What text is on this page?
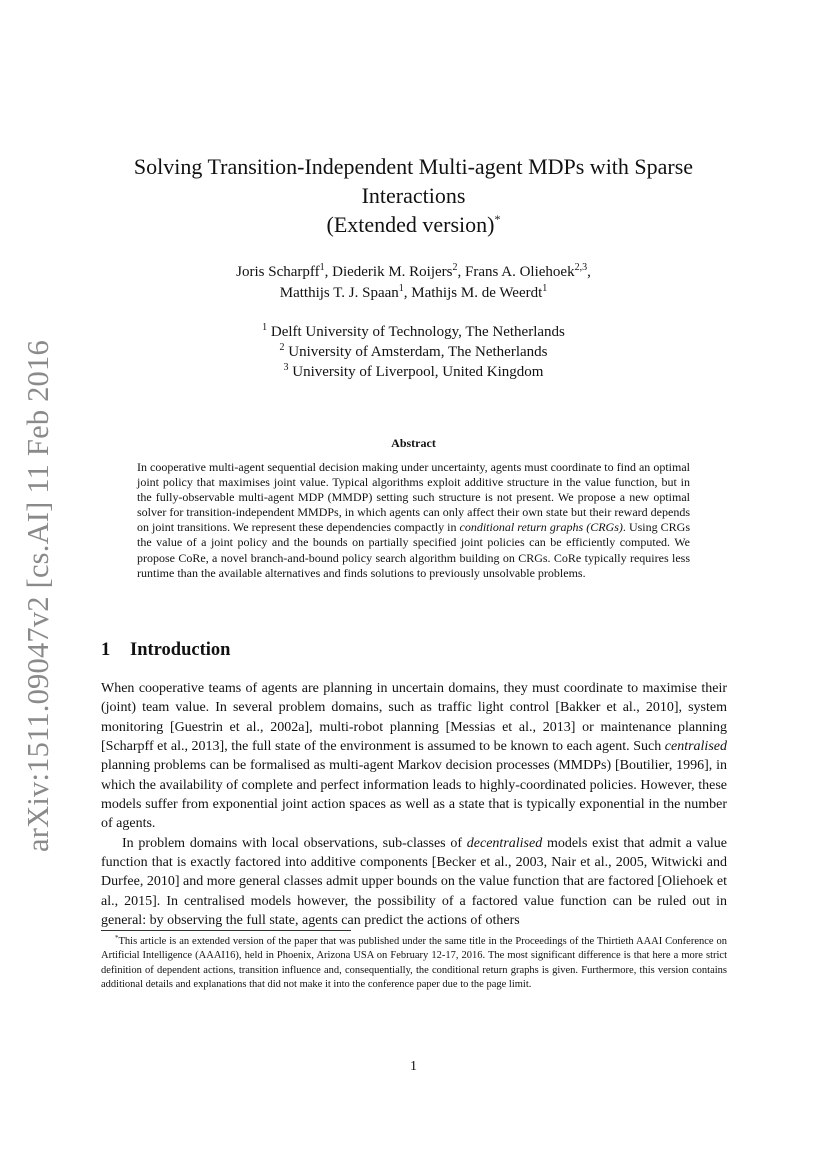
arXiv:1511.09047v2 [cs.AI] 11 Feb 2016
Solving Transition-Independent Multi-agent MDPs with Sparse
Interactions
(Extended version)*
Joris Scharpff$^1$, Diederik M. Roijers$^2$, Frans A. Oliehoek$^{2,3}$,
Matthijs T. J. Spaan$^1$, Mathijs M. de Weerdt$^1$
$^1$ Delft University of Technology, The Netherlands
$^2$ University of Amsterdam, The Netherlands
$^3$ University of Liverpool, United Kingdom
Abstract

In cooperative multi-agent sequential decision making under uncertainty, agents must coordinate to find an optimal joint policy that maximises joint value. Typical algorithms exploit additive structure in the value function, but in the fully-observable multi-agent MDP (MMDP) setting such structure is not present. We propose a new optimal solver for transition-independent MMDPs, in which agents can only affect their own state but their reward depends on joint transitions. We represent these dependencies compactly in conditional return graphs (CRGs). Using CRGs the value of a joint policy and the bounds on partially specified joint policies can be efficiently computed. We propose CoRe, a novel branch-and-bound policy search algorithm building on CRGs. CoRe typically requires less runtime than the available alternatives and finds solutions to previously unsolvable problems.

1 Introduction

When cooperative teams of agents are planning in uncertain domains, they must coordinate to maximise their (joint) team value. In several problem domains, such as traffic light control [Bakker et al., 2010], system monitoring [Guestrin et al., 2002a], multi-robot planning [Messias et al., 2013] or maintenance planning [Scharpff et al., 2013], the full state of the environment is assumed to be known to each agent. Such centralised planning problems can be formalised as multi-agent Markov decision processes (MMDPs) [Boutilier, 1996], in which the availability of complete and perfect information leads to highly-coordinated policies. However, these models suffer from exponential joint action spaces as well as a state that is typically exponential in the number of agents.

In problem domains with local observations, sub-classes of decentralised models exist that admit a value function that is exactly factored into additive components [Becker et al., 2003, Nair et al., 2005, Witwicki and Durfee, 2010] and more general classes admit upper bounds on the value function that are factored [Oliehoek et al., 2015]. In centralised models however, the possibility of a factored value function can be ruled out in general: by observing the full state, agents can predict the actions of others

*This article is an extended version of the paper that was published under the same title in the Proceedings of the Thirtieth AAAI Conference on Artificial Intelligence (AAAI16), held in Phoenix, Arizona USA on February 12-17, 2016. The most significant difference is that here a more strict definition of dependent actions, transition influence and, consequentially, the conditional return graphs is given. Furthermore, this version contains additional details and explanations that did not make it into the conference paper due to the page limit.

1
